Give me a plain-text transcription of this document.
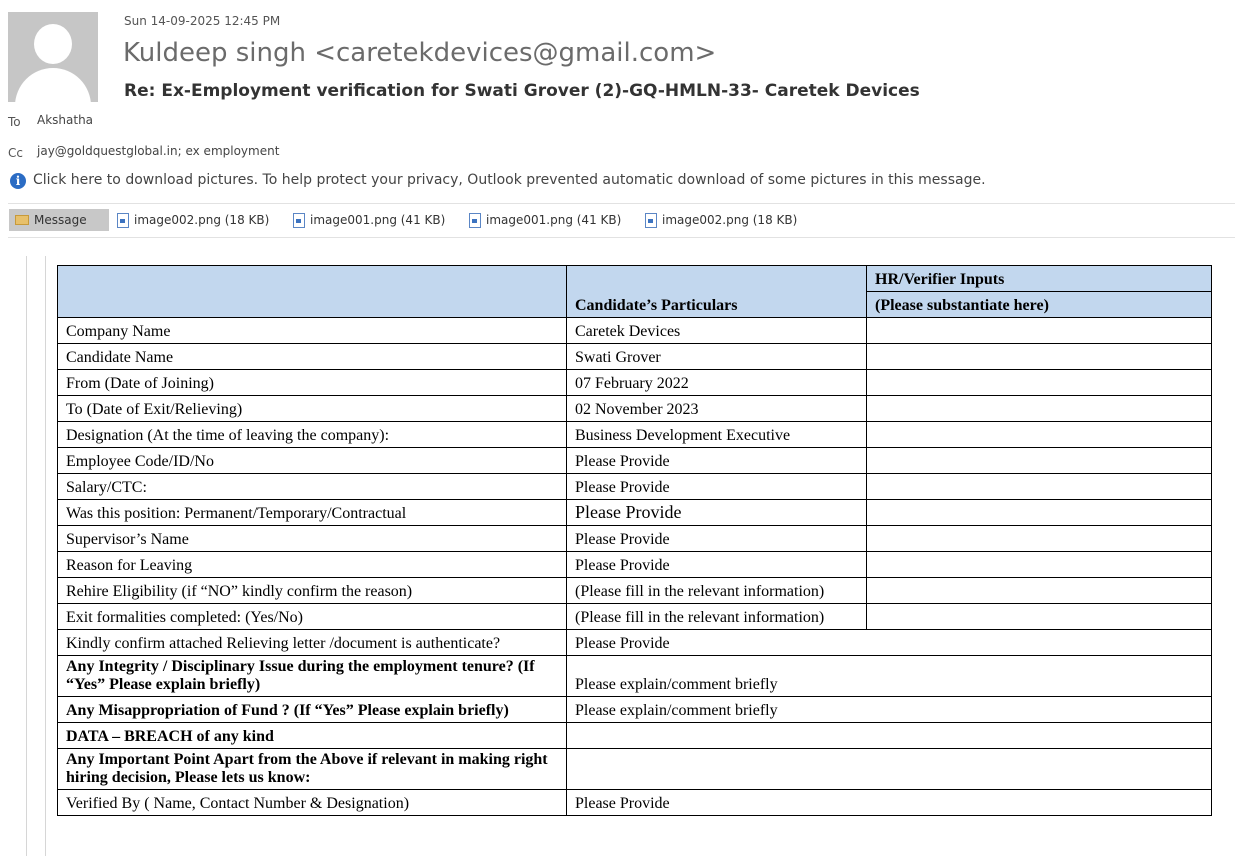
Sun 14-09-2025 12:45 PM
Kuldeep singh <caretekdevices@gmail.com>
Re: Ex-Employment verification for Swati Grover (2)-GQ-HMLN-33- Caretek Devices
To Akshatha
Cc jay@goldquestglobal.in; ex employment
i Click here to download pictures. To help protect your privacy, Outlook prevented automatic download of some pictures in this message.
Message	image002.png (18 KB)	image001.png (41 KB)	image001.png (41 KB)	image002.png (18 KB)
	Candidate’s Particulars	HR/Verifier Inputs
		(Please substantiate here)
Company Name	Caretek Devices	
Candidate Name	Swati Grover	
From (Date of Joining)	07 February 2022	
To (Date of Exit/Relieving)	02 November 2023	
Designation (At the time of leaving the company):	Business Development Executive	
Employee Code/ID/No	Please Provide	
Salary/CTC:	Please Provide	
Was this position: Permanent/Temporary/Contractual	Please Provide	
Supervisor’s Name	Please Provide	
Reason for Leaving	Please Provide	
Rehire Eligibility (if “NO” kindly confirm the reason)	(Please fill in the relevant information)	
Exit formalities completed: (Yes/No)	(Please fill in the relevant information)	
Kindly confirm attached Relieving letter /document is authenticate?	Please Provide	
Any Integrity / Disciplinary Issue during the employment tenure? (If “Yes” Please explain briefly)	Please explain/comment briefly	
Any Misappropriation of Fund ? (If “Yes” Please explain briefly)	Please explain/comment briefly	
DATA – BREACH of any kind		
Any Important Point Apart from the Above if relevant in making right hiring decision, Please lets us know:		
Verified By ( Name, Contact Number & Designation)	Please Provide	
